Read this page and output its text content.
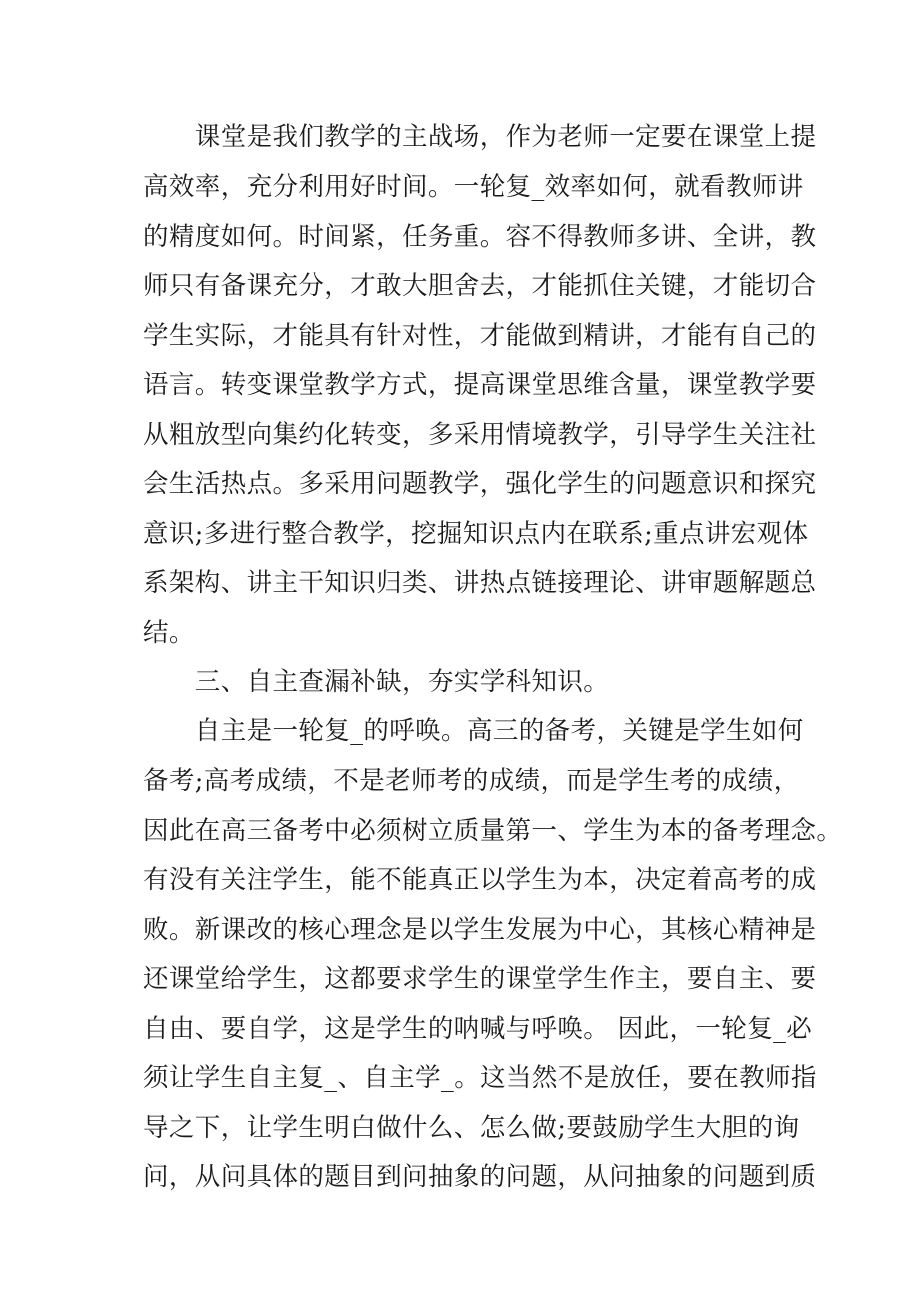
　　课堂是我们教学的主战场，作为老师一定要在课堂上提
高效率，充分利用好时间。一轮复_效率如何，就看教师讲
的精度如何。时间紧，任务重。容不得教师多讲、全讲，教
师只有备课充分，才敢大胆舍去，才能抓住关键，才能切合
学生实际，才能具有针对性，才能做到精讲，才能有自己的
语言。转变课堂教学方式，提高课堂思维含量，课堂教学要
从粗放型向集约化转变，多采用情境教学，引导学生关注社
会生活热点。多采用问题教学，强化学生的问题意识和探究
意识;多进行整合教学，挖掘知识点内在联系;重点讲宏观体
系架构、讲主干知识归类、讲热点链接理论、讲审题解题总
结。
　　三、自主查漏补缺，夯实学科知识。
　　自主是一轮复_的呼唤。高三的备考，关键是学生如何
备考;高考成绩，不是老师考的成绩，而是学生考的成绩，
因此在高三备考中必须树立质量第一、学生为本的备考理念。
有没有关注学生，能不能真正以学生为本，决定着高考的成
败。新课改的核心理念是以学生发展为中心，其核心精神是
还课堂给学生，这都要求学生的课堂学生作主，要自主、要
自由、要自学，这是学生的呐喊与呼唤。 因此，一轮复_必
须让学生自主复_、自主学_。这当然不是放任，要在教师指
导之下，让学生明白做什么、怎么做;要鼓励学生大胆的询
问，从问具体的题目到问抽象的问题，从问抽象的问题到质
